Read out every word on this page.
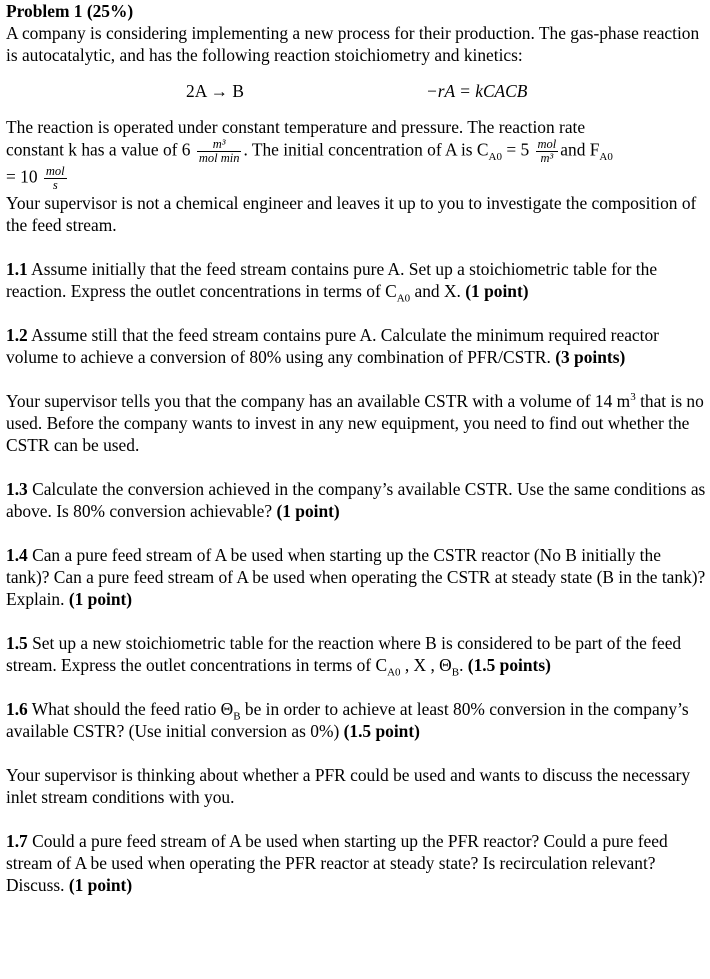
Problem 1 (25%)

A company is considering implementing a new process for their production. The gas-phase reaction is autocatalytic, and has the following reaction stoichiometry and kinetics:

2A → B	−rA = kCACB

The reaction is operated under constant temperature and pressure. The reaction rate
constant k has a value of $6 \frac{\text{m³}}{\text{mol min}}$ . The initial concentration of A is $C_{A0} = 5 \frac{\text{mol}}{\text{m³}}$ and $F_{A0}$
= $10 \frac{\text{mol}}{s}$

Your supervisor is not a chemical engineer and leaves it up to you to investigate the composition of the feed stream.

1.1 Assume initially that the feed stream contains pure A. Set up a stoichiometric table for the reaction. Express the outlet concentrations in terms of $C_{A0}$ and X. (1 point)

1.2 Assume still that the feed stream contains pure A. Calculate the minimum required reactor volume to achieve a conversion of 80% using any combination of PFR/CSTR. (3 points)

Your supervisor tells you that the company has an available CSTR with a volume of 14 $m^3$ that is no used. Before the company wants to invest in any new equipment, you need to find out whether the CSTR can be used.

1.3 Calculate the conversion achieved in the company’s available CSTR. Use the same conditions as above. Is 80% conversion achievable? (1 point)

1.4 Can a pure feed stream of A be used when starting up the CSTR reactor (No B initially the tank)? Can a pure feed stream of A be used when operating the CSTR at steady state (B in the tank)? Explain. (1 point)

1.5 Set up a new stoichiometric table for the reaction where B is considered to be part of the feed stream. Express the outlet concentrations in terms of $C_{A0}$ , X , $\Theta_B$. (1.5 points)

1.6 What should the feed ratio $\Theta_B$ be in order to achieve at least 80% conversion in the company’s available CSTR? (Use initial conversion as 0%) (1.5 point)

Your supervisor is thinking about whether a PFR could be used and wants to discuss the necessary inlet stream conditions with you.

1.7 Could a pure feed stream of A be used when starting up the PFR reactor? Could a pure feed stream of A be used when operating the PFR reactor at steady state? Is recirculation relevant? Discuss. (1 point)
